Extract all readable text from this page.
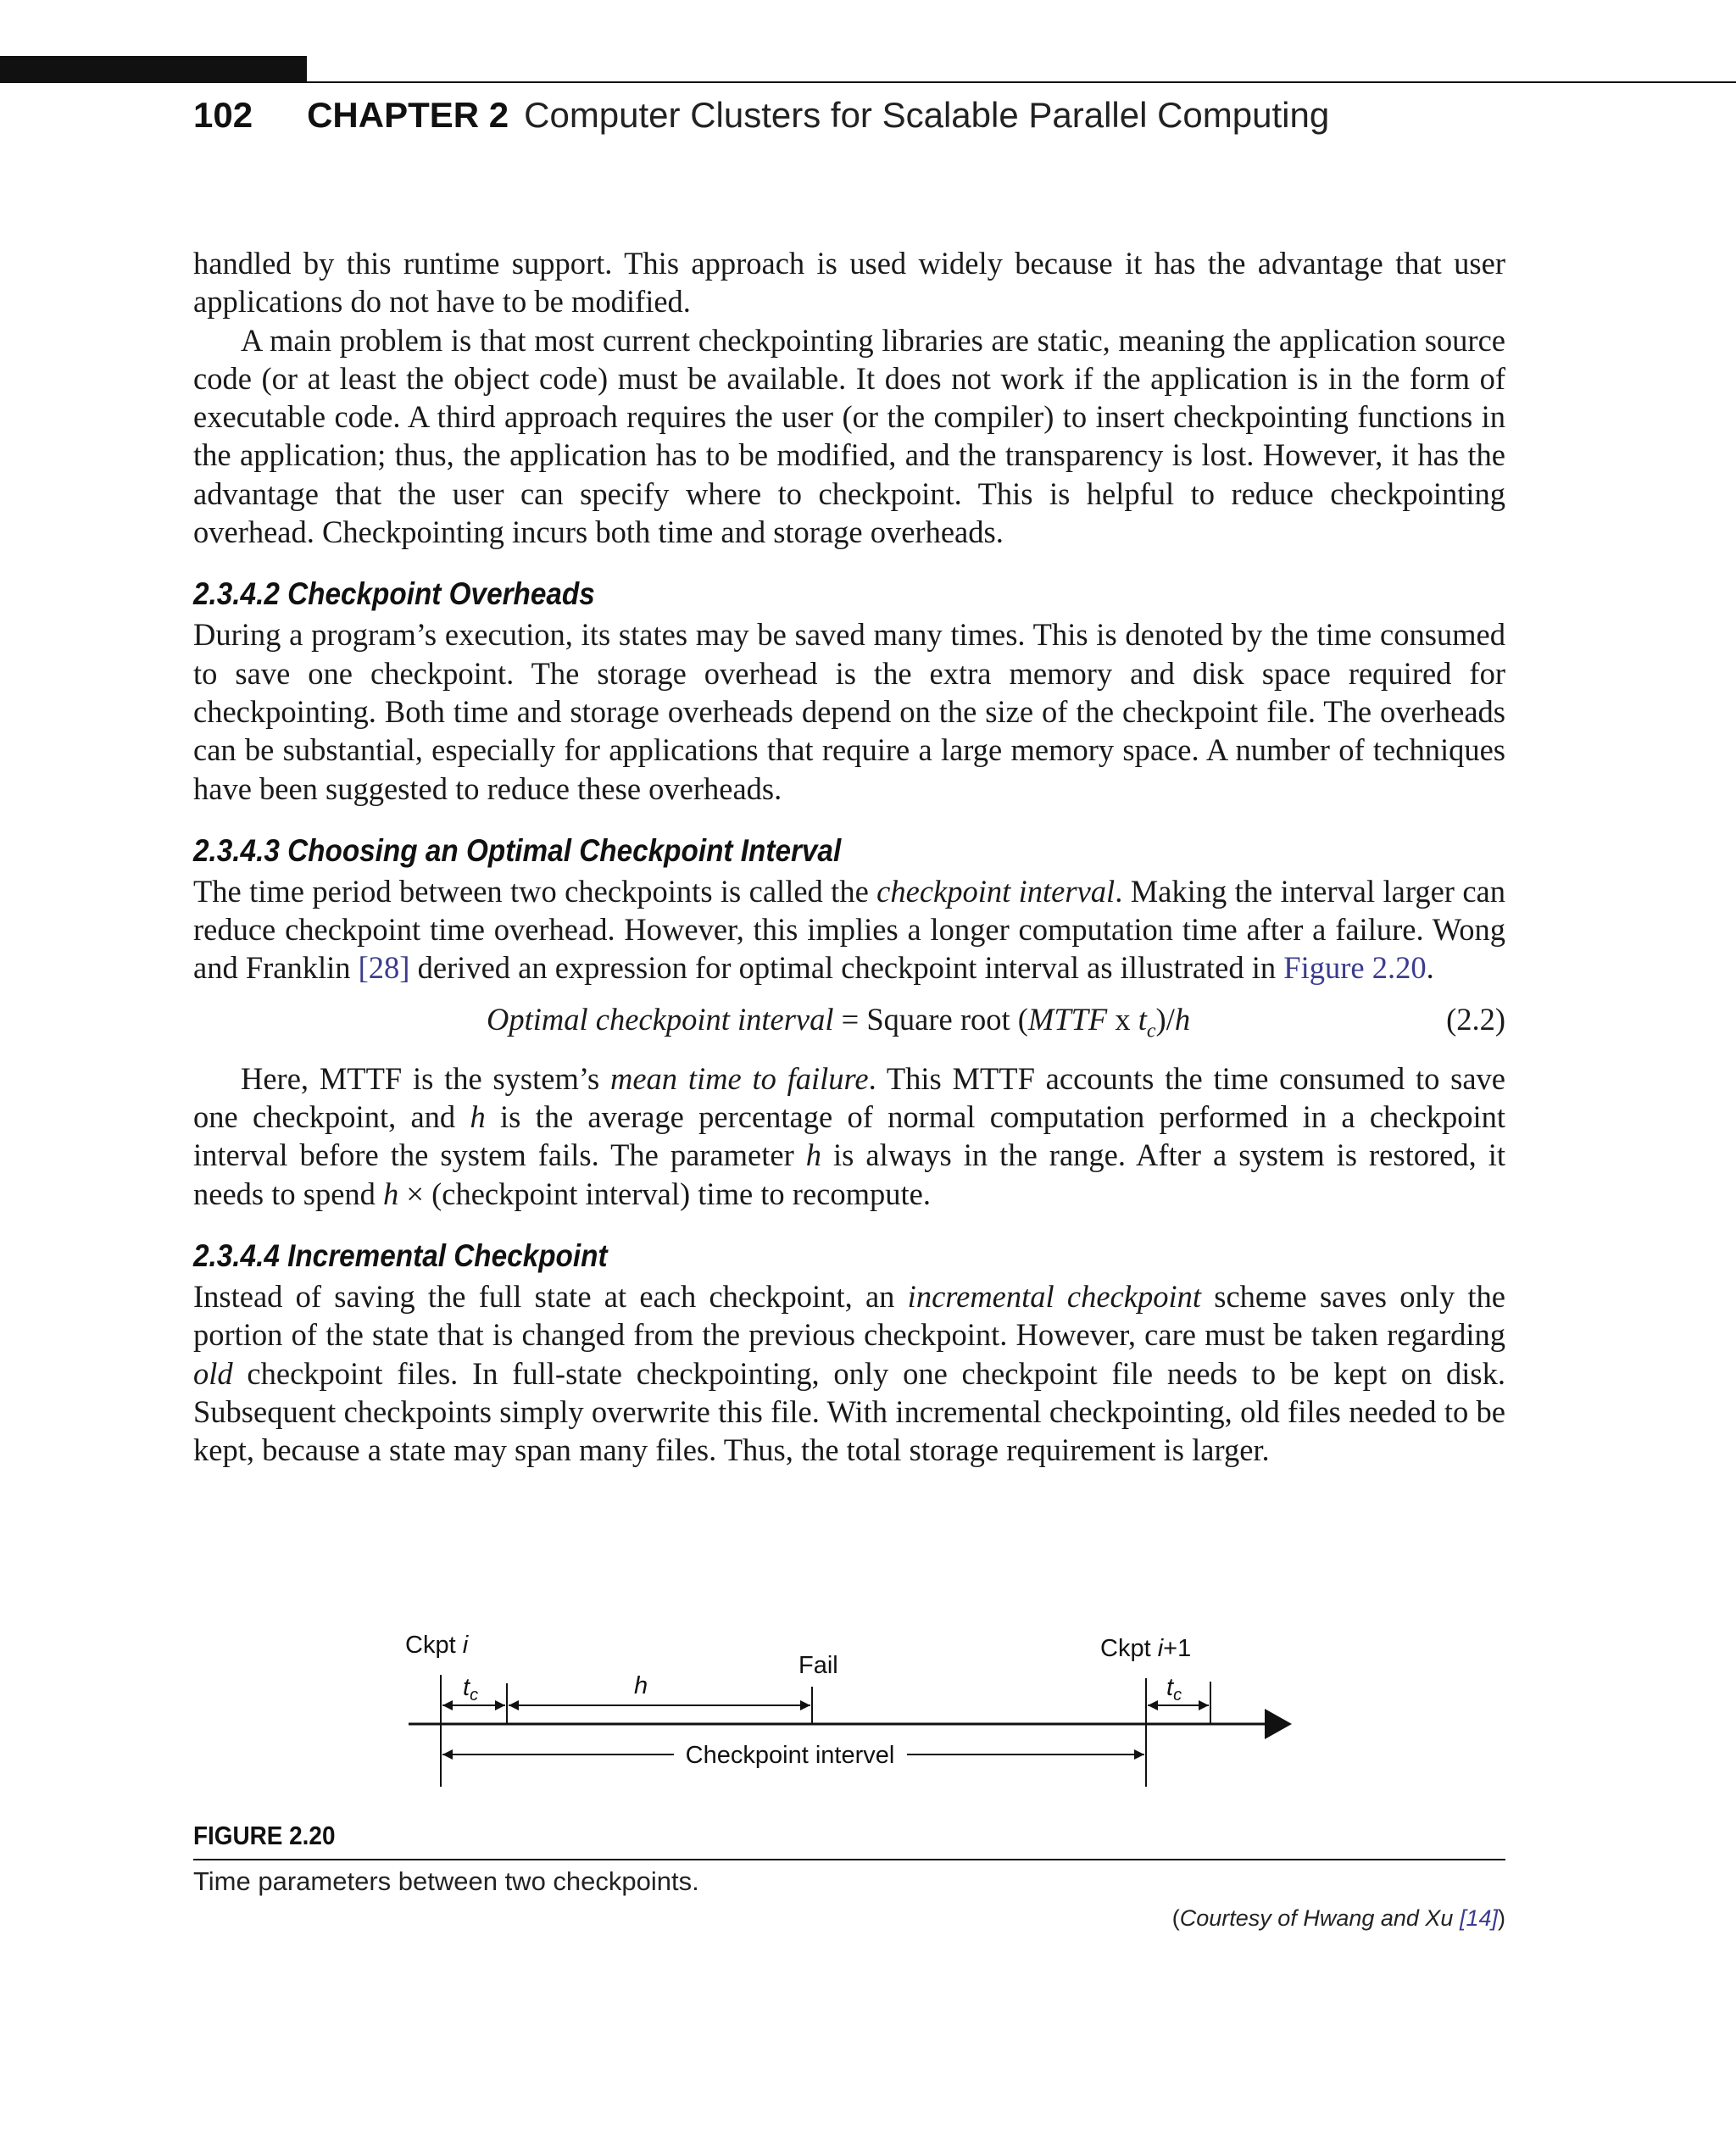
102 CHAPTER 2 Computer Clusters for Scalable Parallel Computing

handled by this runtime support. This approach is used widely because it has the advantage that user applications do not have to be modified.

A main problem is that most current checkpointing libraries are static, meaning the application source code (or at least the object code) must be available. It does not work if the application is in the form of executable code. A third approach requires the user (or the compiler) to insert checkpointing functions in the application; thus, the application has to be modified, and the transparency is lost. However, it has the advantage that the user can specify where to checkpoint. This is helpful to reduce checkpointing overhead. Checkpointing incurs both time and storage overheads.

2.3.4.2 Checkpoint Overheads

During a program’s execution, its states may be saved many times. This is denoted by the time consumed to save one checkpoint. The storage overhead is the extra memory and disk space required for checkpointing. Both time and storage overheads depend on the size of the checkpoint file. The overheads can be substantial, especially for applications that require a large memory space. A number of techniques have been suggested to reduce these overheads.

2.3.4.3 Choosing an Optimal Checkpoint Interval

The time period between two checkpoints is called the checkpoint interval. Making the interval larger can reduce checkpoint time overhead. However, this implies a longer computation time after a failure. Wong and Franklin [28] derived an expression for optimal checkpoint interval as illustrated in Figure 2.20.

Optimal checkpoint interval = Square root (MTTF x $t_c)/h$	(2.2)

Here, MTTF is the system’s mean time to failure. This MTTF accounts the time consumed to save one checkpoint, and h is the average percentage of normal computation performed in a checkpoint interval before the system fails. The parameter h is always in the range. After a system is restored, it needs to spend h × (checkpoint interval) time to recompute.

2.3.4.4 Incremental Checkpoint

Instead of saving the full state at each checkpoint, an incremental checkpoint scheme saves only the portion of the state that is changed from the previous checkpoint. However, care must be taken regarding old checkpoint files. In full-state checkpointing, only one checkpoint file needs to be kept on disk. Subsequent checkpoints simply overwrite this file. With incremental checkpointing, old files needed to be kept, because a state may span many files. Thus, the total storage requirement is larger.

Ckpt i	Ckpt i+1
$t_c$	h
Fail
$t_c$
Checkpoint intervel
FIGURE 2.20
Time parameters between two checkpoints.
(Courtesy of Hwang and Xu [14])
